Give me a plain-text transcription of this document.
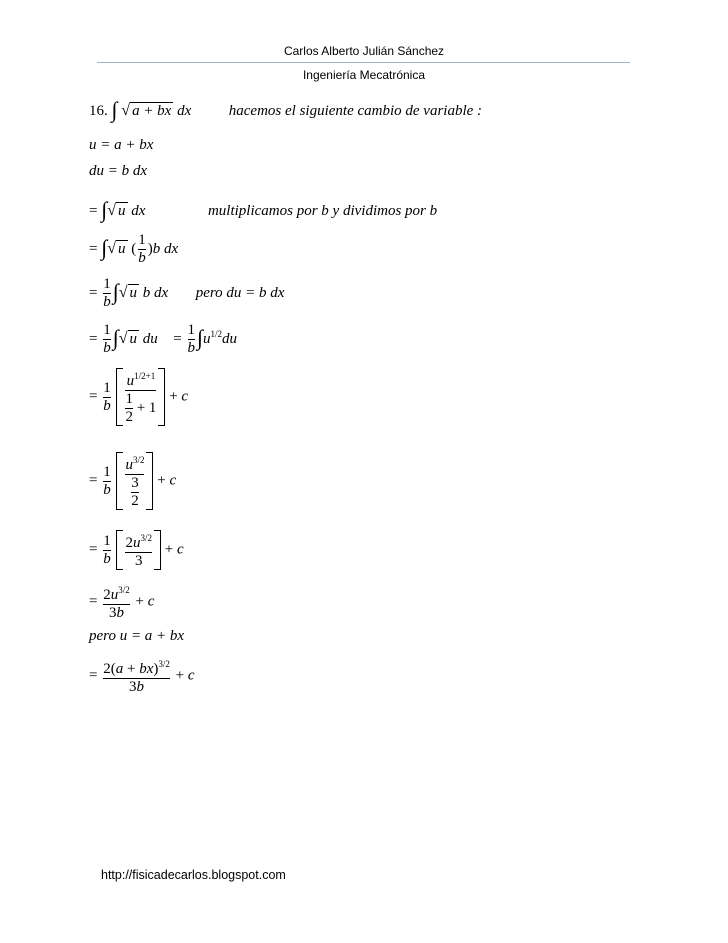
Carlos Alberto Julián Sánchez
Ingeniería Mecatrónica
16. ∫ √ a + bx dx	hacemos el siguiente cambio de variable :
u = a + bx
du = b dx
= ∫√ u dx	multiplicamos por b y dividimos por b
= ∫√ u ( $\frac{1}{b} )b$ dx
= $\frac{1}{b}$ ∫√ u b dx pero du = b dx
= $\frac{1}{b}$ ∫√ u du  = $\frac{1}{b} \int u^{1/2}du$
= $\frac{1}{b}$
$\frac{u^{1/2+1}}{\frac{1}{2} + 1} + c$
= $\frac{1}{b}$
$\frac{u^{3/2}}{\frac{3}{2}} + c$
= $\frac{1}{b}$
$\frac{2u^{3/2}}{3} + c$
= $\frac{2u^{3/2}}{3b} + c$
pero u = a + bx
= $\frac{2(a + bx)^{3/2}}{3b} + c$
http://fisicadecarlos.blogspot.com
